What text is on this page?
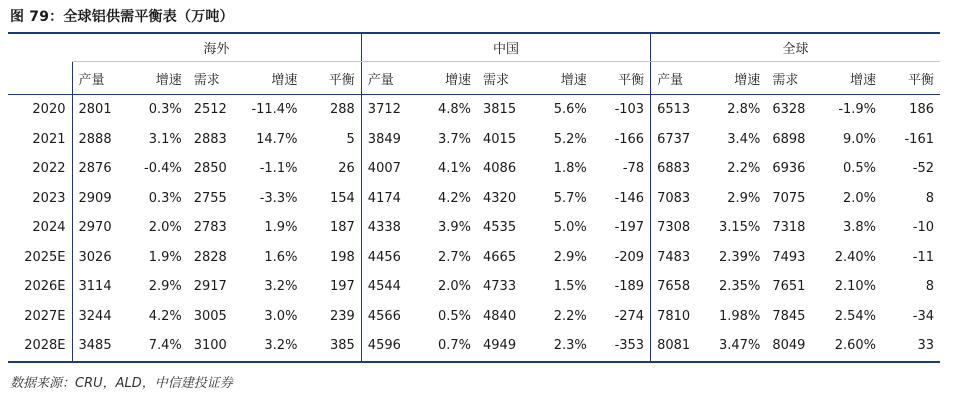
图 79：全球铝供需平衡表（万吨）
	海外					中国					全球				
	产量	增速	需求	增速	平衡	产量	增速	需求	增速	平衡	产量	增速	需求	增速	平衡
2020	2801	0.3%	2512	-11.4%	288	3712	4.8%	3815	5.6%	-103	6513	2.8%	6328	-1.9%	186
2021	2888	3.1%	2883	14.7%	5	3849	3.7%	4015	5.2%	-166	6737	3.4%	6898	9.0%	-161
2022	2876	-0.4%	2850	-1.1%	26	4007	4.1%	4086	1.8%	-78	6883	2.2%	6936	0.5%	-52
2023	2909	0.3%	2755	-3.3%	154	4174	4.2%	4320	5.7%	-146	7083	2.9%	7075	2.0%	8
2024	2970	2.0%	2783	1.9%	187	4338	3.9%	4535	5.0%	-197	7308	3.15%	7318	3.8%	-10
2025E	3026	1.9%	2828	1.6%	198	4456	2.7%	4665	2.9%	-209	7483	2.39%	7493	2.40%	-11
2026E	3114	2.9%	2917	3.2%	197	4544	2.0%	4733	1.5%	-189	7658	2.35%	7651	2.10%	8
2027E	3244	4.2%	3005	3.0%	239	4566	0.5%	4840	2.2%	-274	7810	1.98%	7845	2.54%	-34
2028E	3485	7.4%	3100	3.2%	385	4596	0.7%	4949	2.3%	-353	8081	3.47%	8049	2.60%	33
数据来源：CRU，ALD，中信建投证券
